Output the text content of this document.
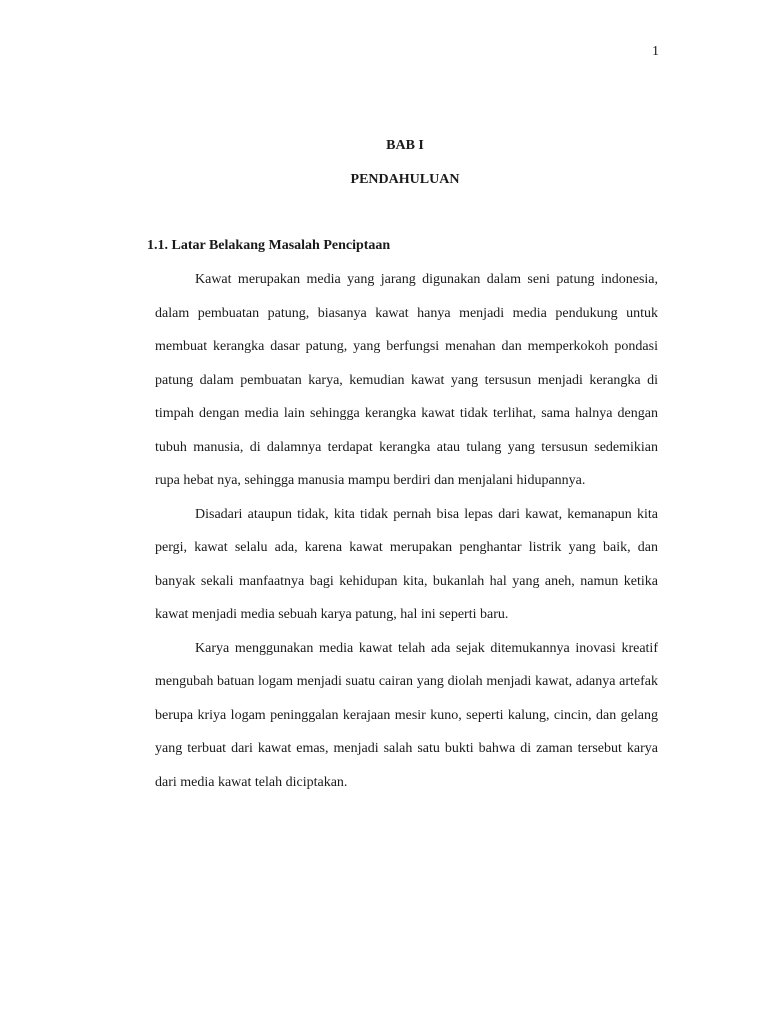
1
BAB I
PENDAHULUAN
1.1. Latar Belakang Masalah Penciptaan

Kawat merupakan media yang jarang digunakan dalam seni patung indonesia, dalam pembuatan patung, biasanya kawat hanya menjadi media pendukung untuk membuat kerangka dasar patung, yang berfungsi menahan dan memperkokoh pondasi patung dalam pembuatan karya, kemudian kawat yang tersusun menjadi kerangka di timpah dengan media lain sehingga kerangka kawat tidak terlihat, sama halnya dengan tubuh manusia, di dalamnya terdapat kerangka atau tulang yang tersusun sedemikian rupa hebat nya, sehingga manusia mampu berdiri dan menjalani hidupannya.

Disadari ataupun tidak, kita tidak pernah bisa lepas dari kawat, kemanapun kita pergi, kawat selalu ada, karena kawat merupakan penghantar listrik yang baik, dan banyak sekali manfaatnya bagi kehidupan kita, bukanlah hal yang aneh, namun ketika kawat menjadi media sebuah karya patung, hal ini seperti baru.

Karya menggunakan media kawat telah ada sejak ditemukannya inovasi kreatif mengubah batuan logam menjadi suatu cairan yang diolah menjadi kawat, adanya artefak berupa kriya logam peninggalan kerajaan mesir kuno, seperti kalung, cincin, dan gelang yang terbuat dari kawat emas, menjadi salah satu bukti bahwa di zaman tersebut karya dari media kawat telah diciptakan.
